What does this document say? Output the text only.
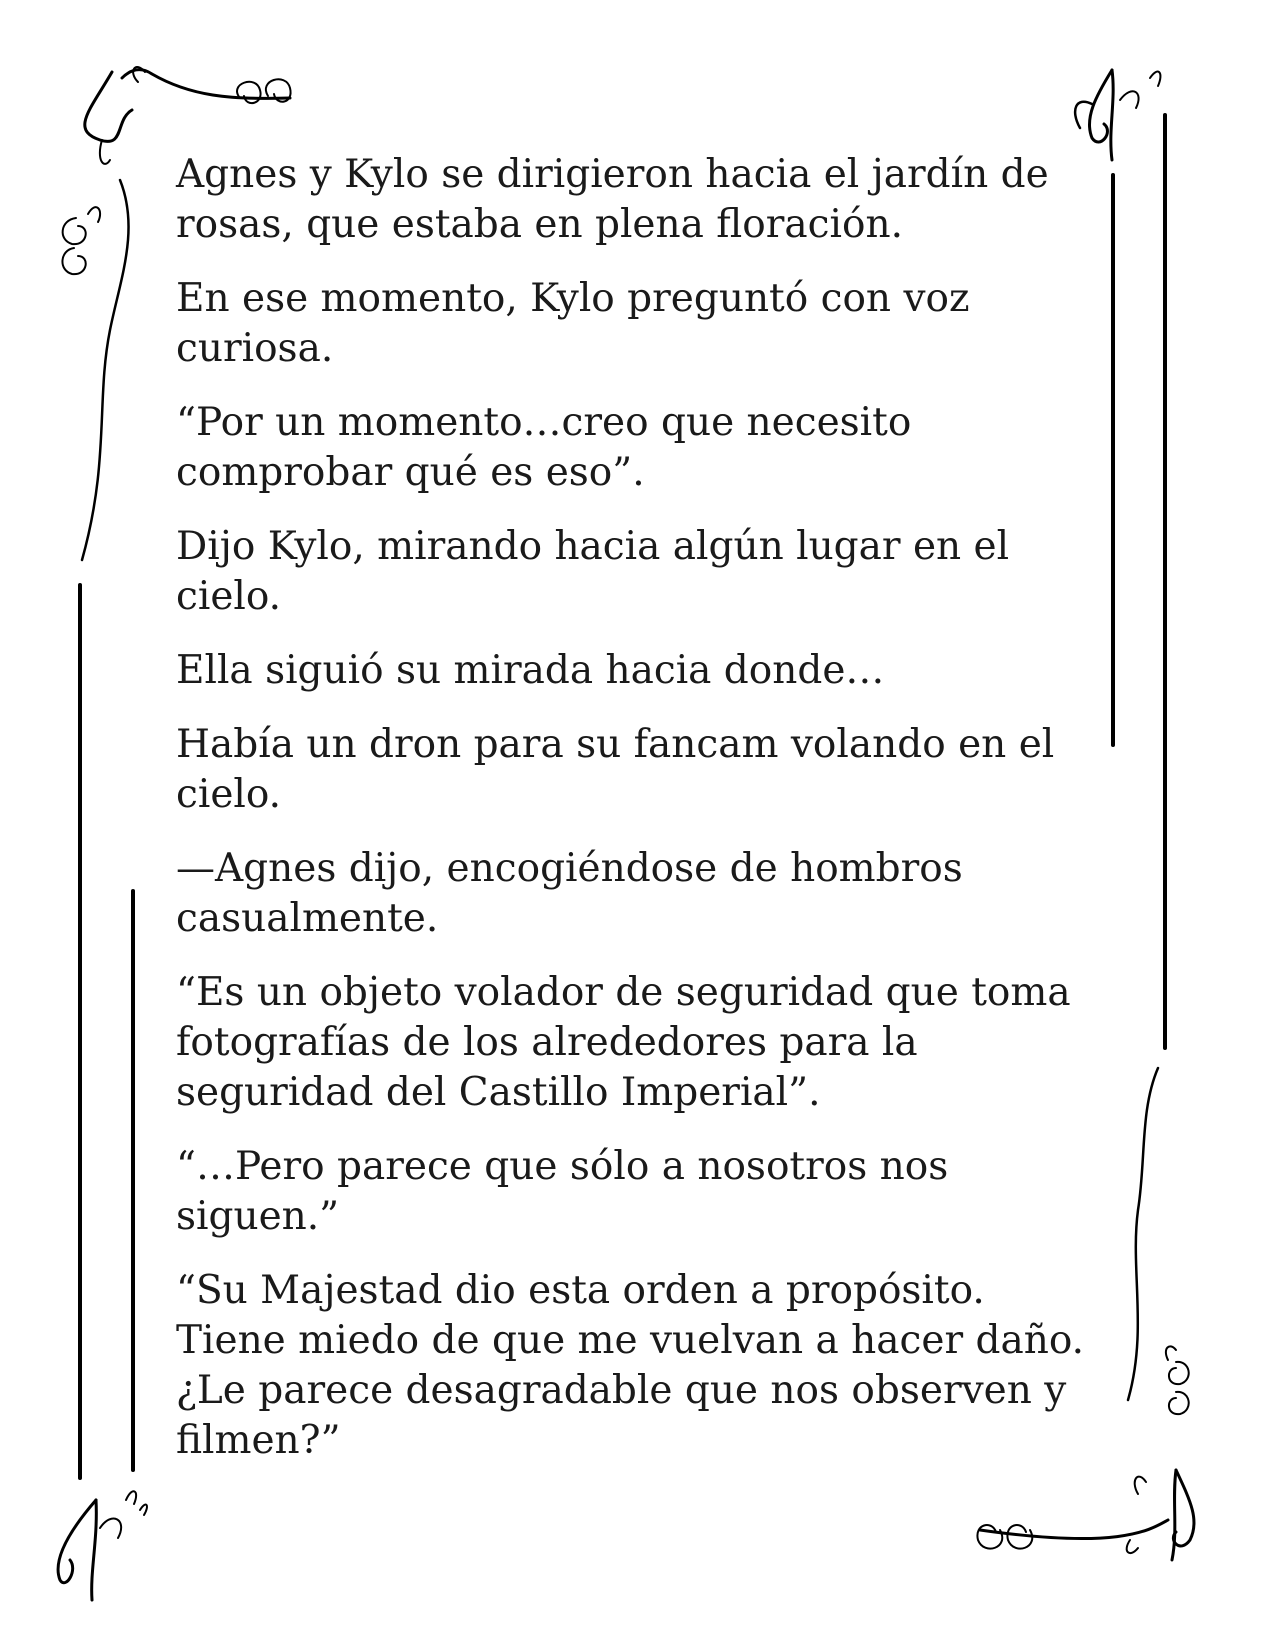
Agnes y Kylo se dirigieron hacia el jardín de rosas, que estaba en plena floración.

En ese momento, Kylo preguntó con voz curiosa.

“Por un momento…creo que necesito comprobar qué es eso”.

Dijo Kylo, mirando hacia algún lugar en el cielo.

Ella siguió su mirada hacia donde…

Había un dron para su fancam volando en el cielo.

—Agnes dijo, encogiéndose de hombros casualmente.

“Es un objeto volador de seguridad que toma fotografías de los alrededores para la seguridad del Castillo Imperial”.

“…Pero parece que sólo a nosotros nos siguen.”

“Su Majestad dio esta orden a propósito. Tiene miedo de que me vuelvan a hacer daño. ¿Le parece desagradable que nos observen y filmen?”
